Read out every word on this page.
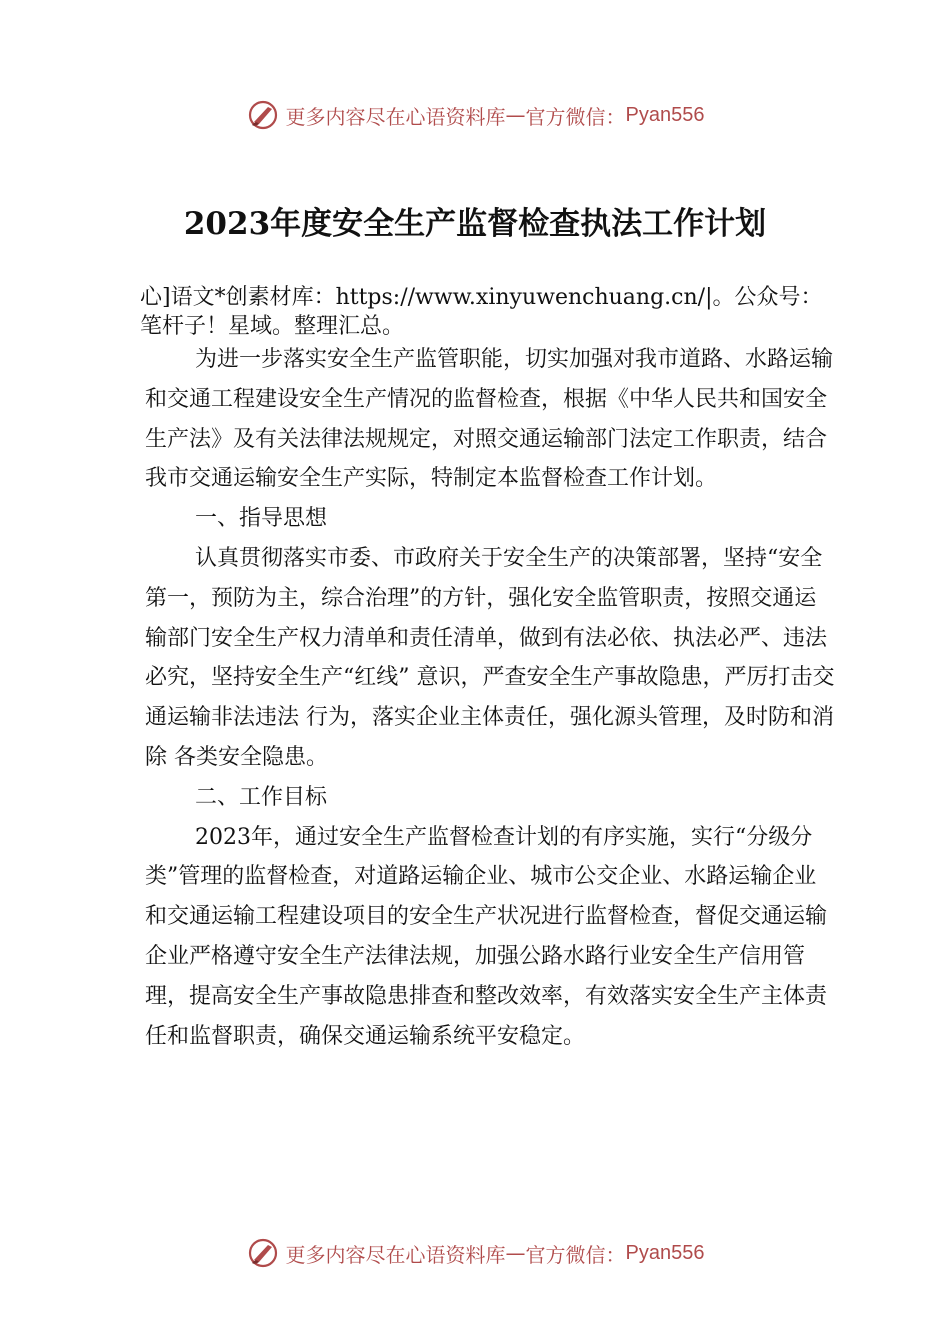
更多内容尽在心语资料库 — 官方微信： Pyan556
2023年度安全生产监督检查执法工作计划

心]语文*创素材库：https://www.xinyuwenchuang.cn/|。公众号：笔杆子！星域。整理汇总。

为进一步落实安全生产监管职能，切实加强对我市道路、水路运输和交通工程建设安全生产情况的监督检查，根据《中华人民共和国安全生产法》及有关法律法规规定，对照交通运输部门法定工作职责，结合我市交通运输安全生产实际，特制定本监督检查工作计划。

一、指导思想

认真贯彻落实市委、市政府关于安全生产的决策部署，坚持“安全第一，预防为主，综合治理”的方针，强化安全监管职责，按照交通运输部门安全生产权力清单和责任清单，做到有法必依、执法必严、违法必究，坚持安全生产“红线” 意识，严查安全生产事故隐患，严厉打击交通运输非法违法 行为，落实企业主体责任，强化源头管理，及时防和消除 各类安全隐患。

二、工作目标

2023年，通过安全生产监督检查计划的有序实施，实行“分级分类”管理的监督检查，对道路运输企业、城市公交企业、水路运输企业和交通运输工程建设项目的安全生产状况进行监督检查，督促交通运输企业严格遵守安全生产法律法规，加强公路水路行业安全生产信用管理，提高安全生产事故隐患排查和整改效率，有效落实安全生产主体责任和监督职责，确保交通运输系统平安稳定。

更多内容尽在心语资料库 — 官方微信： Pyan556
